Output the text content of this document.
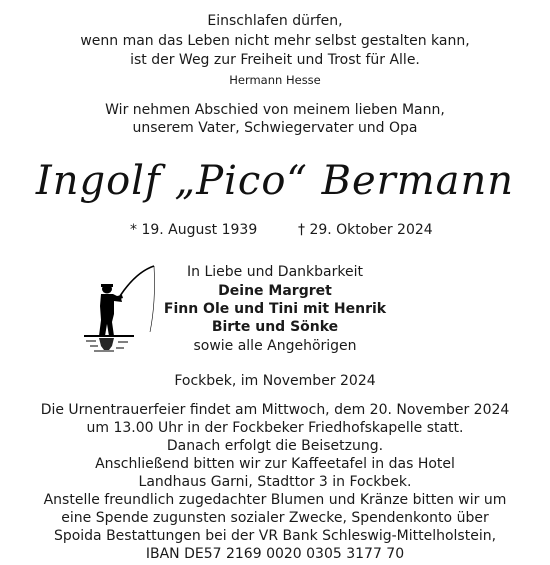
Einschlafen dürfen,
wenn man das Leben nicht mehr selbst gestalten kann,
ist der Weg zur Freiheit und Trost für Alle.
Hermann Hesse
Wir nehmen Abschied von meinem lieben Mann,
unserem Vater, Schwiegervater und Opa
Ingolf „Pico“ Bermann
* 19. August 1939	† 29. Oktober 2024
In Liebe und Dankbarkeit
Deine Margret
Finn Ole und Tini mit Henrik
Birte und Sönke
sowie alle Angehörigen
Fockbek, im November 2024
Die Urnentrauerfeier findet am Mittwoch, dem 20. November 2024
um 13.00 Uhr in der Fockbeker Friedhofskapelle statt.
Danach erfolgt die Beisetzung.
Anschließend bitten wir zur Kaffeetafel in das Hotel
Landhaus Garni, Stadttor 3 in Fockbek.
Anstelle freundlich zugedachter Blumen und Kränze bitten wir um
eine Spende zugunsten sozialer Zwecke, Spendenkonto über
Spoida Bestattungen bei der VR Bank Schleswig-Mittelholstein,
IBAN DE57 2169 0020 0305 3177 70
